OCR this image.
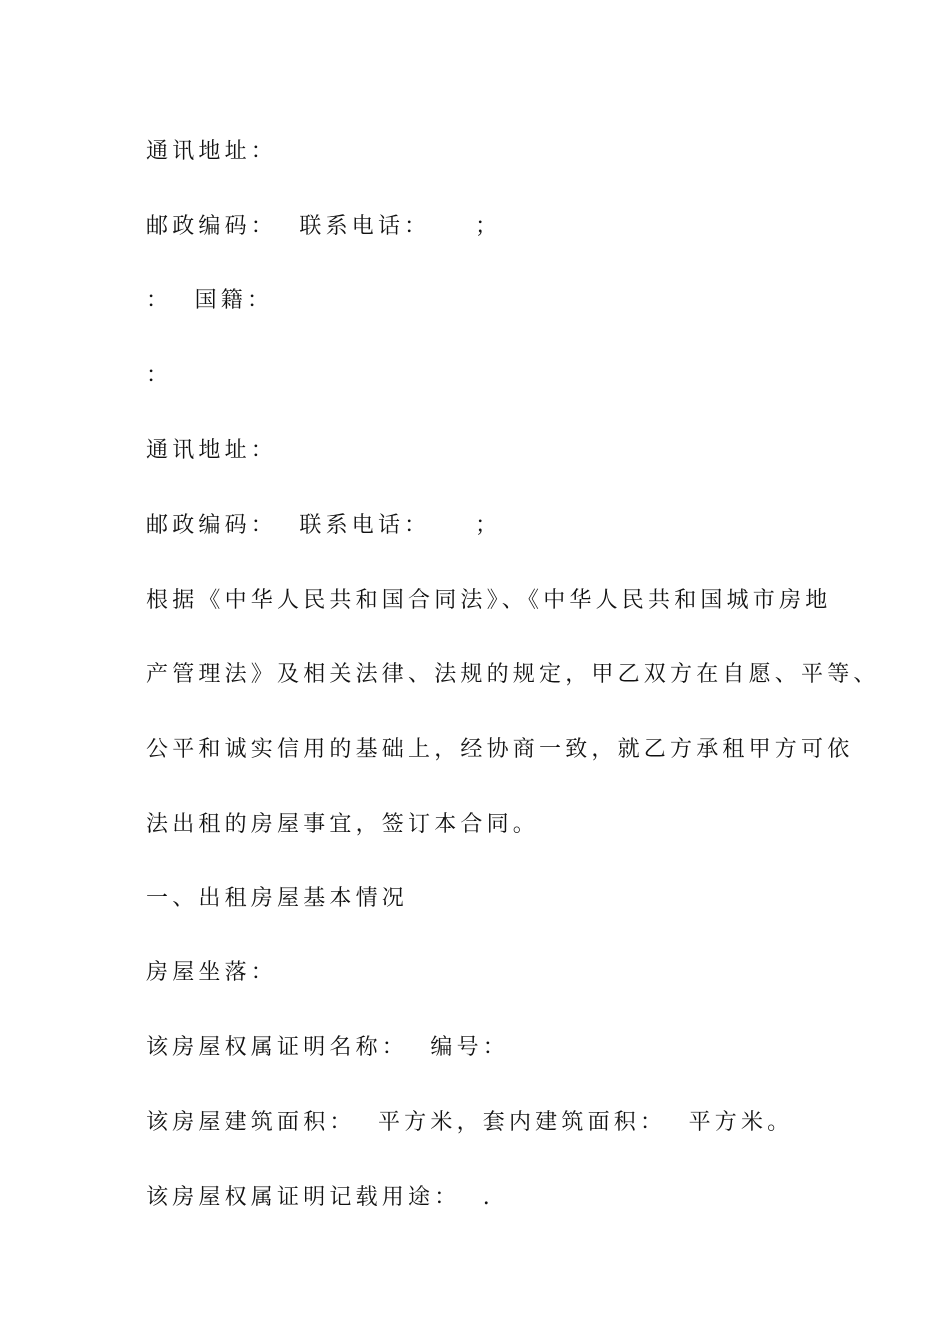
通讯地址：
邮政编码：  联系电话：    ；
：  国籍：
：
通讯地址：
邮政编码：  联系电话：    ；
根据《中华人民共和国合同法》、《中华人民共和国城市房地
产管理法》及相关法律、法规的规定，甲乙双方在自愿、平等、
公平和诚实信用的基础上，经协商一致，就乙方承租甲方可依
法出租的房屋事宜，签订本合同。
一、出租房屋基本情况
房屋坐落：
该房屋权属证明名称：  编号：
该房屋建筑面积：  平方米，套内建筑面积：  平方米。
该房屋权属证明记载用途：  .
